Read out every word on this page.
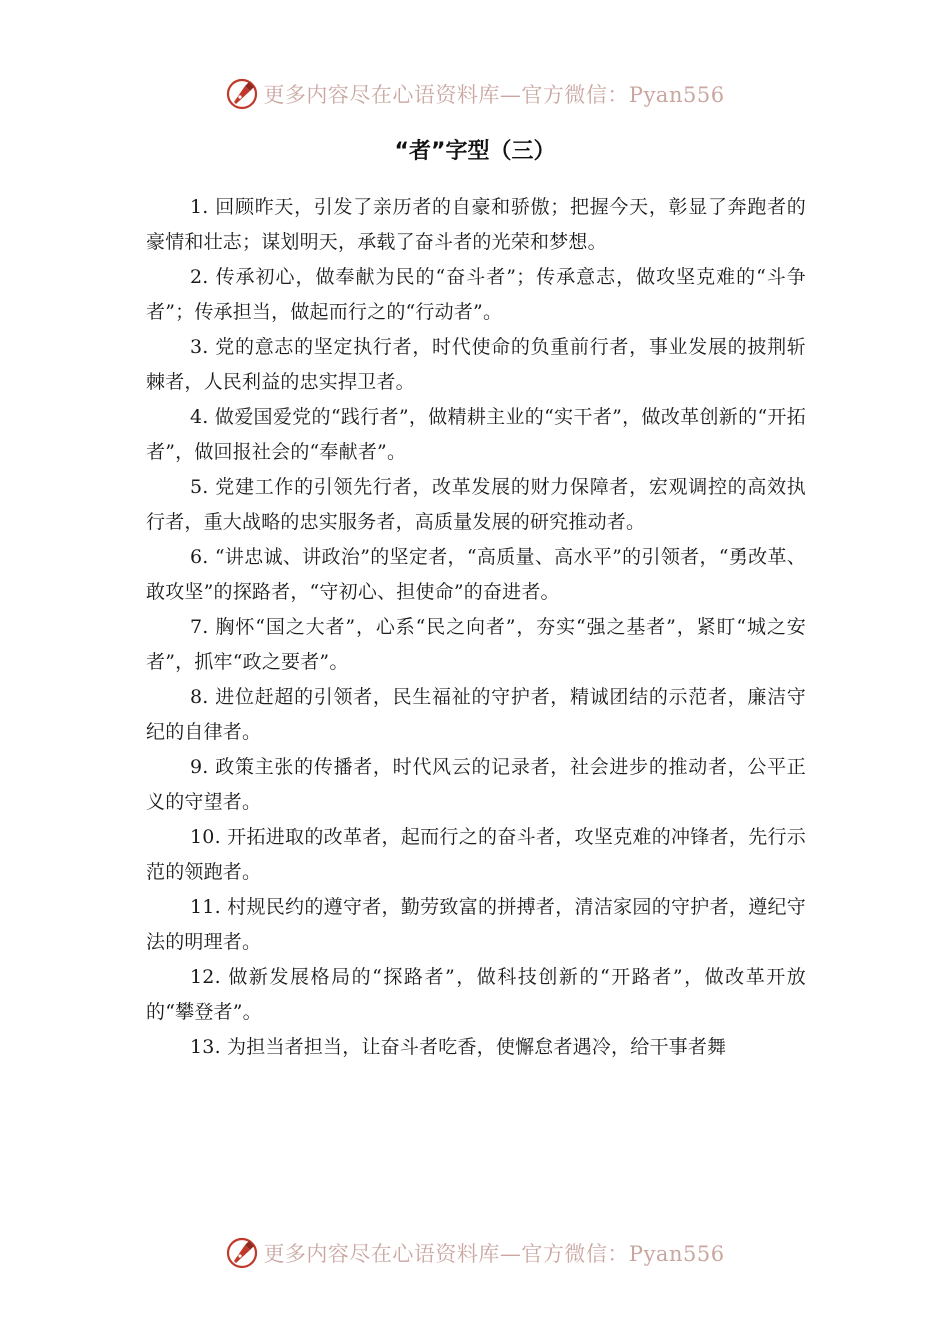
更多内容尽在心语资料库—官方微信：Pyan556
“者”字型（三）

1. 回顾昨天，引发了亲历者的自豪和骄傲；把握今天，彰显了奔跑者的豪情和壮志；谋划明天，承载了奋斗者的光荣和梦想。

2. 传承初心，做奉献为民的“奋斗者”；传承意志，做攻坚克难的“斗争者”；传承担当，做起而行之的“行动者”。

3. 党的意志的坚定执行者，时代使命的负重前行者，事业发展的披荆斩棘者，人民利益的忠实捍卫者。

4. 做爱国爱党的“践行者”，做精耕主业的“实干者”，做改革创新的“开拓者”，做回报社会的“奉献者”。

5. 党建工作的引领先行者，改革发展的财力保障者，宏观调控的高效执行者，重大战略的忠实服务者，高质量发展的研究推动者。

6. “讲忠诚、讲政治”的坚定者，“高质量、高水平”的引领者，“勇改革、敢攻坚”的探路者，“守初心、担使命”的奋进者。

7. 胸怀“国之大者”，心系“民之向者”，夯实“强之基者”，紧盯“城之安者”，抓牢“政之要者”。

8. 进位赶超的引领者，民生福祉的守护者，精诚团结的示范者，廉洁守纪的自律者。

9. 政策主张的传播者，时代风云的记录者，社会进步的推动者，公平正义的守望者。

10. 开拓进取的改革者，起而行之的奋斗者，攻坚克难的冲锋者，先行示范的领跑者。

11. 村规民约的遵守者，勤劳致富的拼搏者，清洁家园的守护者，遵纪守法的明理者。

12. 做新发展格局的“探路者”，做科技创新的“开路者”，做改革开放的“攀登者”。

13. 为担当者担当，让奋斗者吃香，使懈怠者遇冷，给干事者舞

更多内容尽在心语资料库—官方微信：Pyan556
